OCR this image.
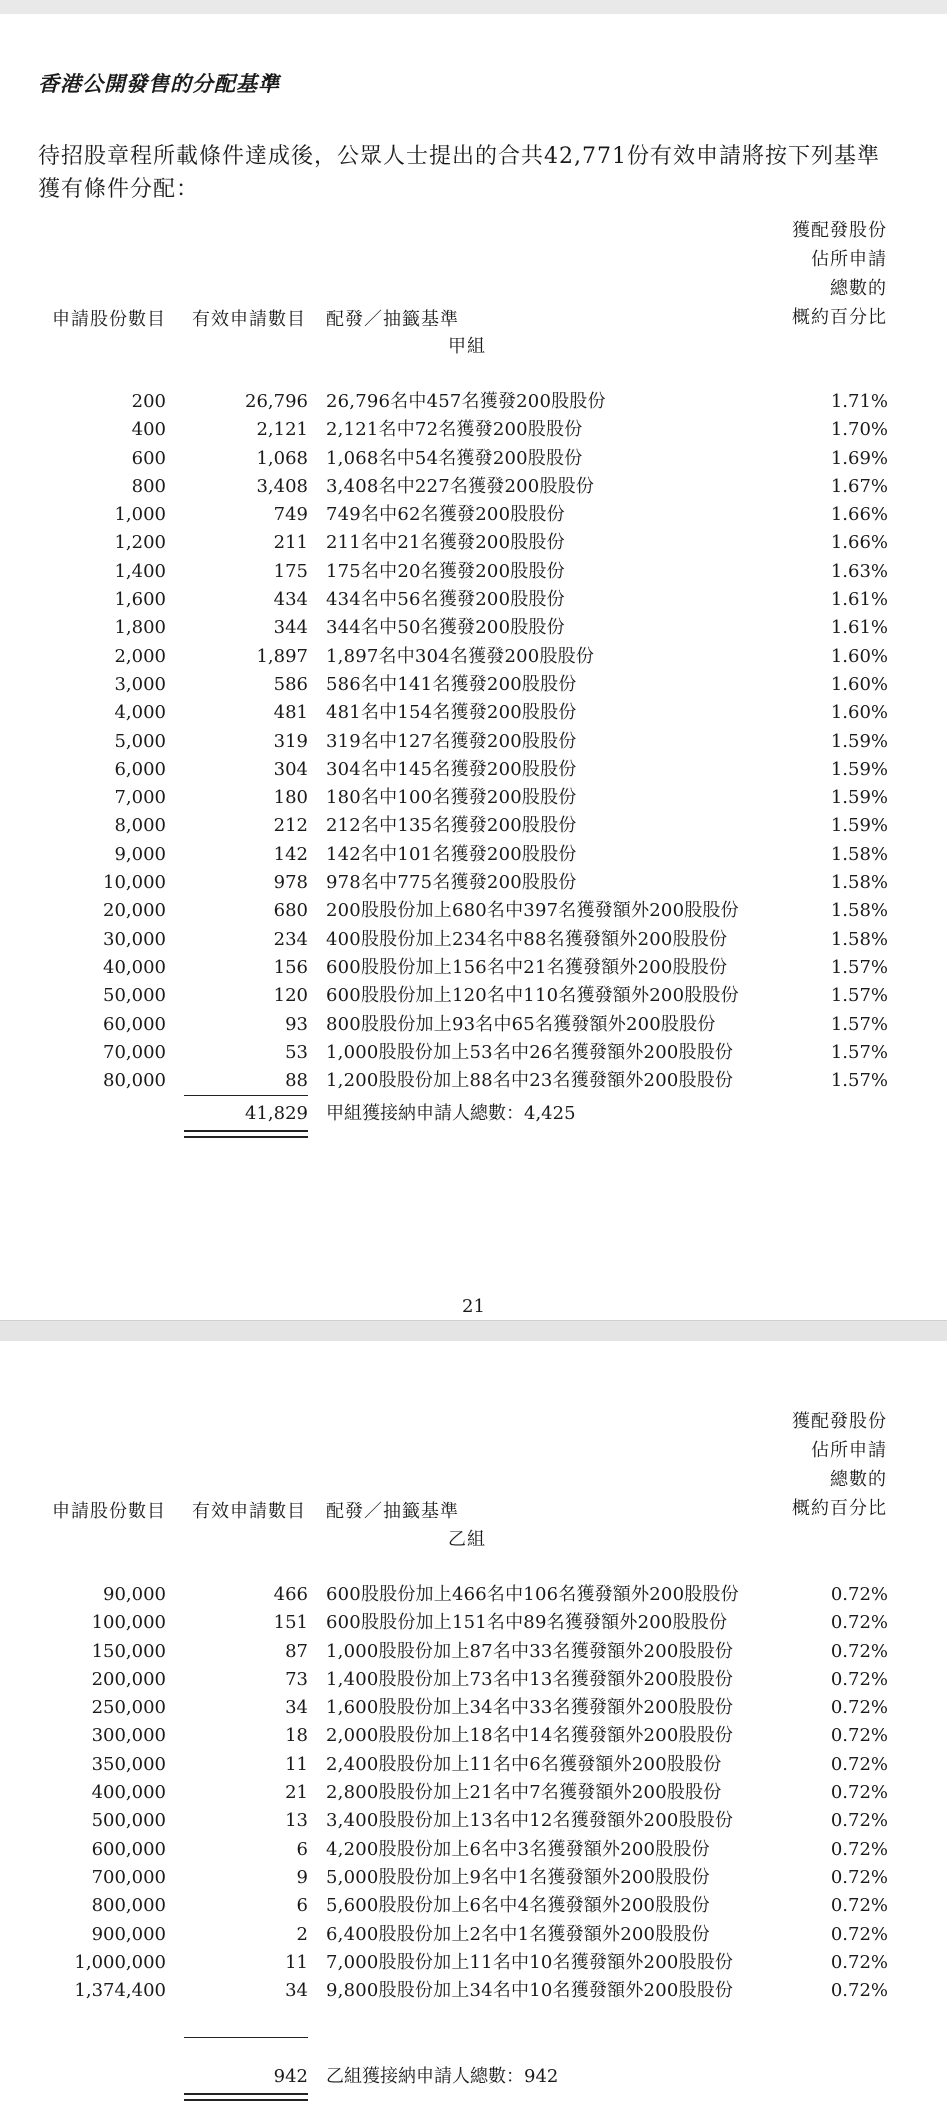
香港公開發售的分配基準
待招股章程所載條件達成後，公眾人士提出的合共42,771份有效申請將按下列基準獲有條件分配：
獲配發股份
佔所申請
總數的
概約百分比
申請股份數目 有效申請數目 配發／抽籤基準
甲組
200	26,796 26,796名中457名獲發200股股份	1.71%
400	2,121 2,121名中72名獲發200股股份	1.70%
600	1,068 1,068名中54名獲發200股股份	1.69%
800	3,408 3,408名中227名獲發200股股份	1.67%
1,000	749 749名中62名獲發200股股份	1.66%
1,200	211 211名中21名獲發200股股份	1.66%
1,400	175 175名中20名獲發200股股份	1.63%
1,600	434 434名中56名獲發200股股份	1.61%
1,800	344 344名中50名獲發200股股份	1.61%
2,000	1,897 1,897名中304名獲發200股股份	1.60%
3,000	586 586名中141名獲發200股股份	1.60%
4,000	481 481名中154名獲發200股股份	1.60%
5,000	319 319名中127名獲發200股股份	1.59%
6,000	304 304名中145名獲發200股股份	1.59%
7,000	180 180名中100名獲發200股股份	1.59%
8,000	212 212名中135名獲發200股股份	1.59%
9,000	142 142名中101名獲發200股股份	1.58%
10,000	978 978名中775名獲發200股股份	1.58%
20,000	680 200股股份加上680名中397名獲發額外200股股份	1.58%
30,000	234 400股股份加上234名中88名獲發額外200股股份	1.58%
40,000	156 600股股份加上156名中21名獲發額外200股股份	1.57%
50,000	120 600股股份加上120名中110名獲發額外200股股份	1.57%
60,000	93 800股股份加上93名中65名獲發額外200股股份	1.57%
70,000	53 1,000股股份加上53名中26名獲發額外200股股份	1.57%
80,000	88 1,200股股份加上88名中23名獲發額外200股股份	1.57%
41,829 甲組獲接納申請人總數：4,425
21
獲配發股份
佔所申請
總數的
概約百分比
申請股份數目 有效申請數目 配發／抽籤基準
乙組
90,000	466 600股股份加上466名中106名獲發額外200股股份	0.72%
100,000	151 600股股份加上151名中89名獲發額外200股股份	0.72%
150,000	87 1,000股股份加上87名中33名獲發額外200股股份	0.72%
200,000	73 1,400股股份加上73名中13名獲發額外200股股份	0.72%
250,000	34 1,600股股份加上34名中33名獲發額外200股股份	0.72%
300,000	18 2,000股股份加上18名中14名獲發額外200股股份	0.72%
350,000	11 2,400股股份加上11名中6名獲發額外200股股份	0.72%
400,000	21 2,800股股份加上21名中7名獲發額外200股股份	0.72%
500,000	13 3,400股股份加上13名中12名獲發額外200股股份	0.72%
600,000	6 4,200股股份加上6名中3名獲發額外200股股份	0.72%
700,000	9 5,000股股份加上9名中1名獲發額外200股股份	0.72%
800,000	6 5,600股股份加上6名中4名獲發額外200股股份	0.72%
900,000	2 6,400股股份加上2名中1名獲發額外200股股份	0.72%
1,000,000	11 7,000股股份加上11名中10名獲發額外200股股份	0.72%
1,374,400	34 9,800股股份加上34名中10名獲發額外200股股份	0.72%
942 乙組獲接納申請人總數：942
